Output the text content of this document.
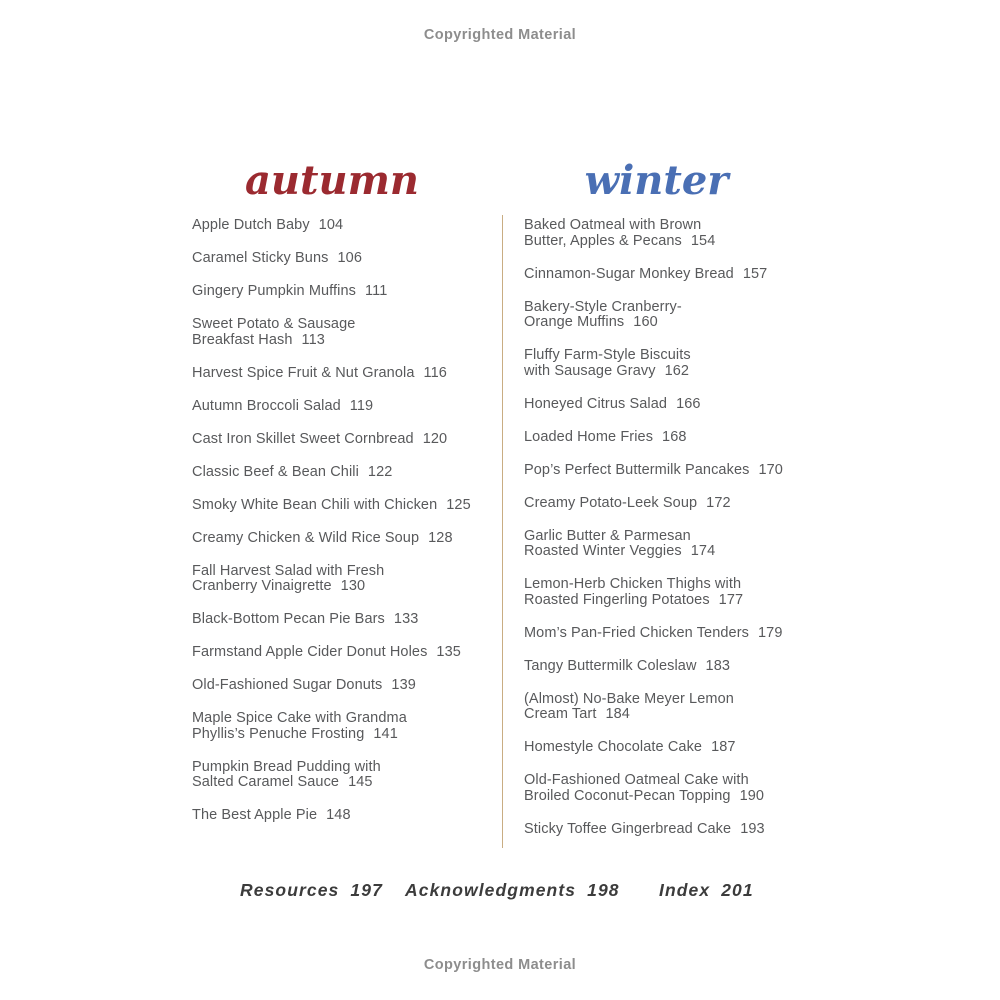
Copyrighted Material
autumn	winter
Apple Dutch Baby 104
Caramel Sticky Buns 106
Gingery Pumpkin Muffins 111
Sweet Potato & Sausage
Breakfast Hash 113
Harvest Spice Fruit & Nut Granola 116
Autumn Broccoli Salad 119
Cast Iron Skillet Sweet Cornbread 120
Classic Beef & Bean Chili 122
Smoky White Bean Chili with Chicken 125
Creamy Chicken & Wild Rice Soup 128
Fall Harvest Salad with Fresh
Cranberry Vinaigrette 130
Black-Bottom Pecan Pie Bars 133
Farmstand Apple Cider Donut Holes 135
Old-Fashioned Sugar Donuts 139
Maple Spice Cake with Grandma
Phyllis’s Penuche Frosting 141
Pumpkin Bread Pudding with
Salted Caramel Sauce 145
The Best Apple Pie 148
Baked Oatmeal with Brown
Butter, Apples & Pecans 154
Cinnamon-Sugar Monkey Bread 157
Bakery-Style Cranberry-
Orange Muffins 160
Fluffy Farm-Style Biscuits
with Sausage Gravy 162
Honeyed Citrus Salad 166
Loaded Home Fries 168
Pop’s Perfect Buttermilk Pancakes 170
Creamy Potato-Leek Soup 172
Garlic Butter & Parmesan
Roasted Winter Veggies 174
Lemon-Herb Chicken Thighs with
Roasted Fingerling Potatoes 177
Mom’s Pan-Fried Chicken Tenders 179
Tangy Buttermilk Coleslaw 183
(Almost) No-Bake Meyer Lemon
Cream Tart 184
Homestyle Chocolate Cake 187
Old-Fashioned Oatmeal Cake with
Broiled Coconut-Pecan Topping 190
Sticky Toffee Gingerbread Cake 193
Resources 197 Acknowledgments 198 Index 201
Copyrighted Material
